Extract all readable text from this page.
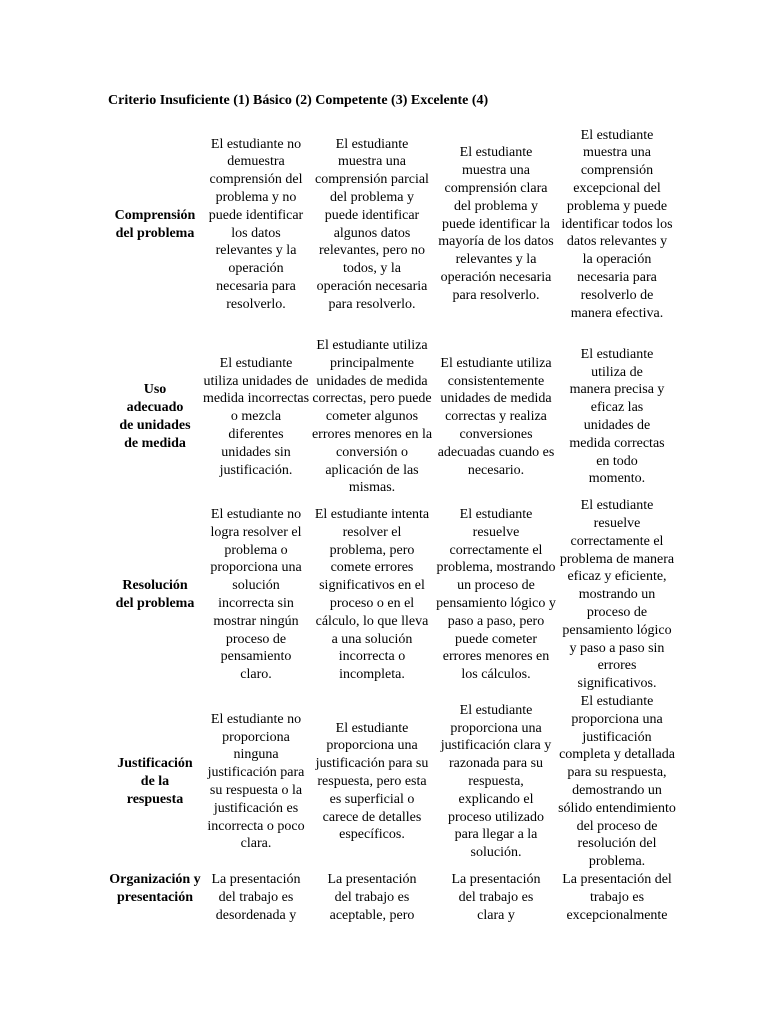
Criterio Insuficiente (1) Básico (2) Competente (3) Excelente (4)
Comprensión del problema	El estudiante no demuestra comprensión del problema y no puede identificar los datos relevantes y la operación necesaria para resolverlo.	El estudiante muestra una comprensión parcial del problema y puede identificar algunos datos relevantes, pero no todos, y la operación necesaria para resolverlo.	El estudiante muestra una comprensión clara del problema y puede identificar la mayoría de los datos relevantes y la operación necesaria para resolverlo.	El estudiante muestra una comprensión excepcional del problema y puede identificar todos los datos relevantes y la operación necesaria para resolverlo de manera efectiva.

Uso adecuado de unidades de medida	El estudiante utiliza unidades de medida incorrectas o mezcla diferentes unidades sin justificación.	El estudiante utiliza principalmente unidades de medida correctas, pero puede cometer algunos errores menores en la conversión o aplicación de las mismas.	El estudiante utiliza consistentemente unidades de medida correctas y realiza conversiones adecuadas cuando es necesario.	El estudiante utiliza de manera precisa y eficaz las unidades de medida correctas en todo momento.

Resolución del problema	El estudiante no logra resolver el problema o proporciona una solución incorrecta sin mostrar ningún proceso de pensamiento claro.	El estudiante intenta resolver el problema, pero comete errores significativos en el proceso o en el cálculo, lo que lleva a una solución incorrecta o incompleta.	El estudiante resuelve correctamente el problema, mostrando un proceso de pensamiento lógico y paso a paso, pero puede cometer errores menores en los cálculos.	El estudiante resuelve correctamente el problema de manera eficaz y eficiente, mostrando un proceso de pensamiento lógico y paso a paso sin errores significativos.

Justificación de la respuesta	El estudiante no proporciona ninguna justificación para su respuesta o la justificación es incorrecta o poco clara.	El estudiante proporciona una justificación para su respuesta, pero esta es superficial o carece de detalles específicos.	El estudiante proporciona una justificación clara y razonada para su respuesta, explicando el proceso utilizado para llegar a la solución.	El estudiante proporciona una justificación completa y detallada para su respuesta, demostrando un sólido entendimiento del proceso de resolución del problema.

Organización y presentación	La presentación del trabajo es desordenada y	La presentación del trabajo es aceptable, pero	La presentación del trabajo es clara y	La presentación del trabajo es excepcionalmente
